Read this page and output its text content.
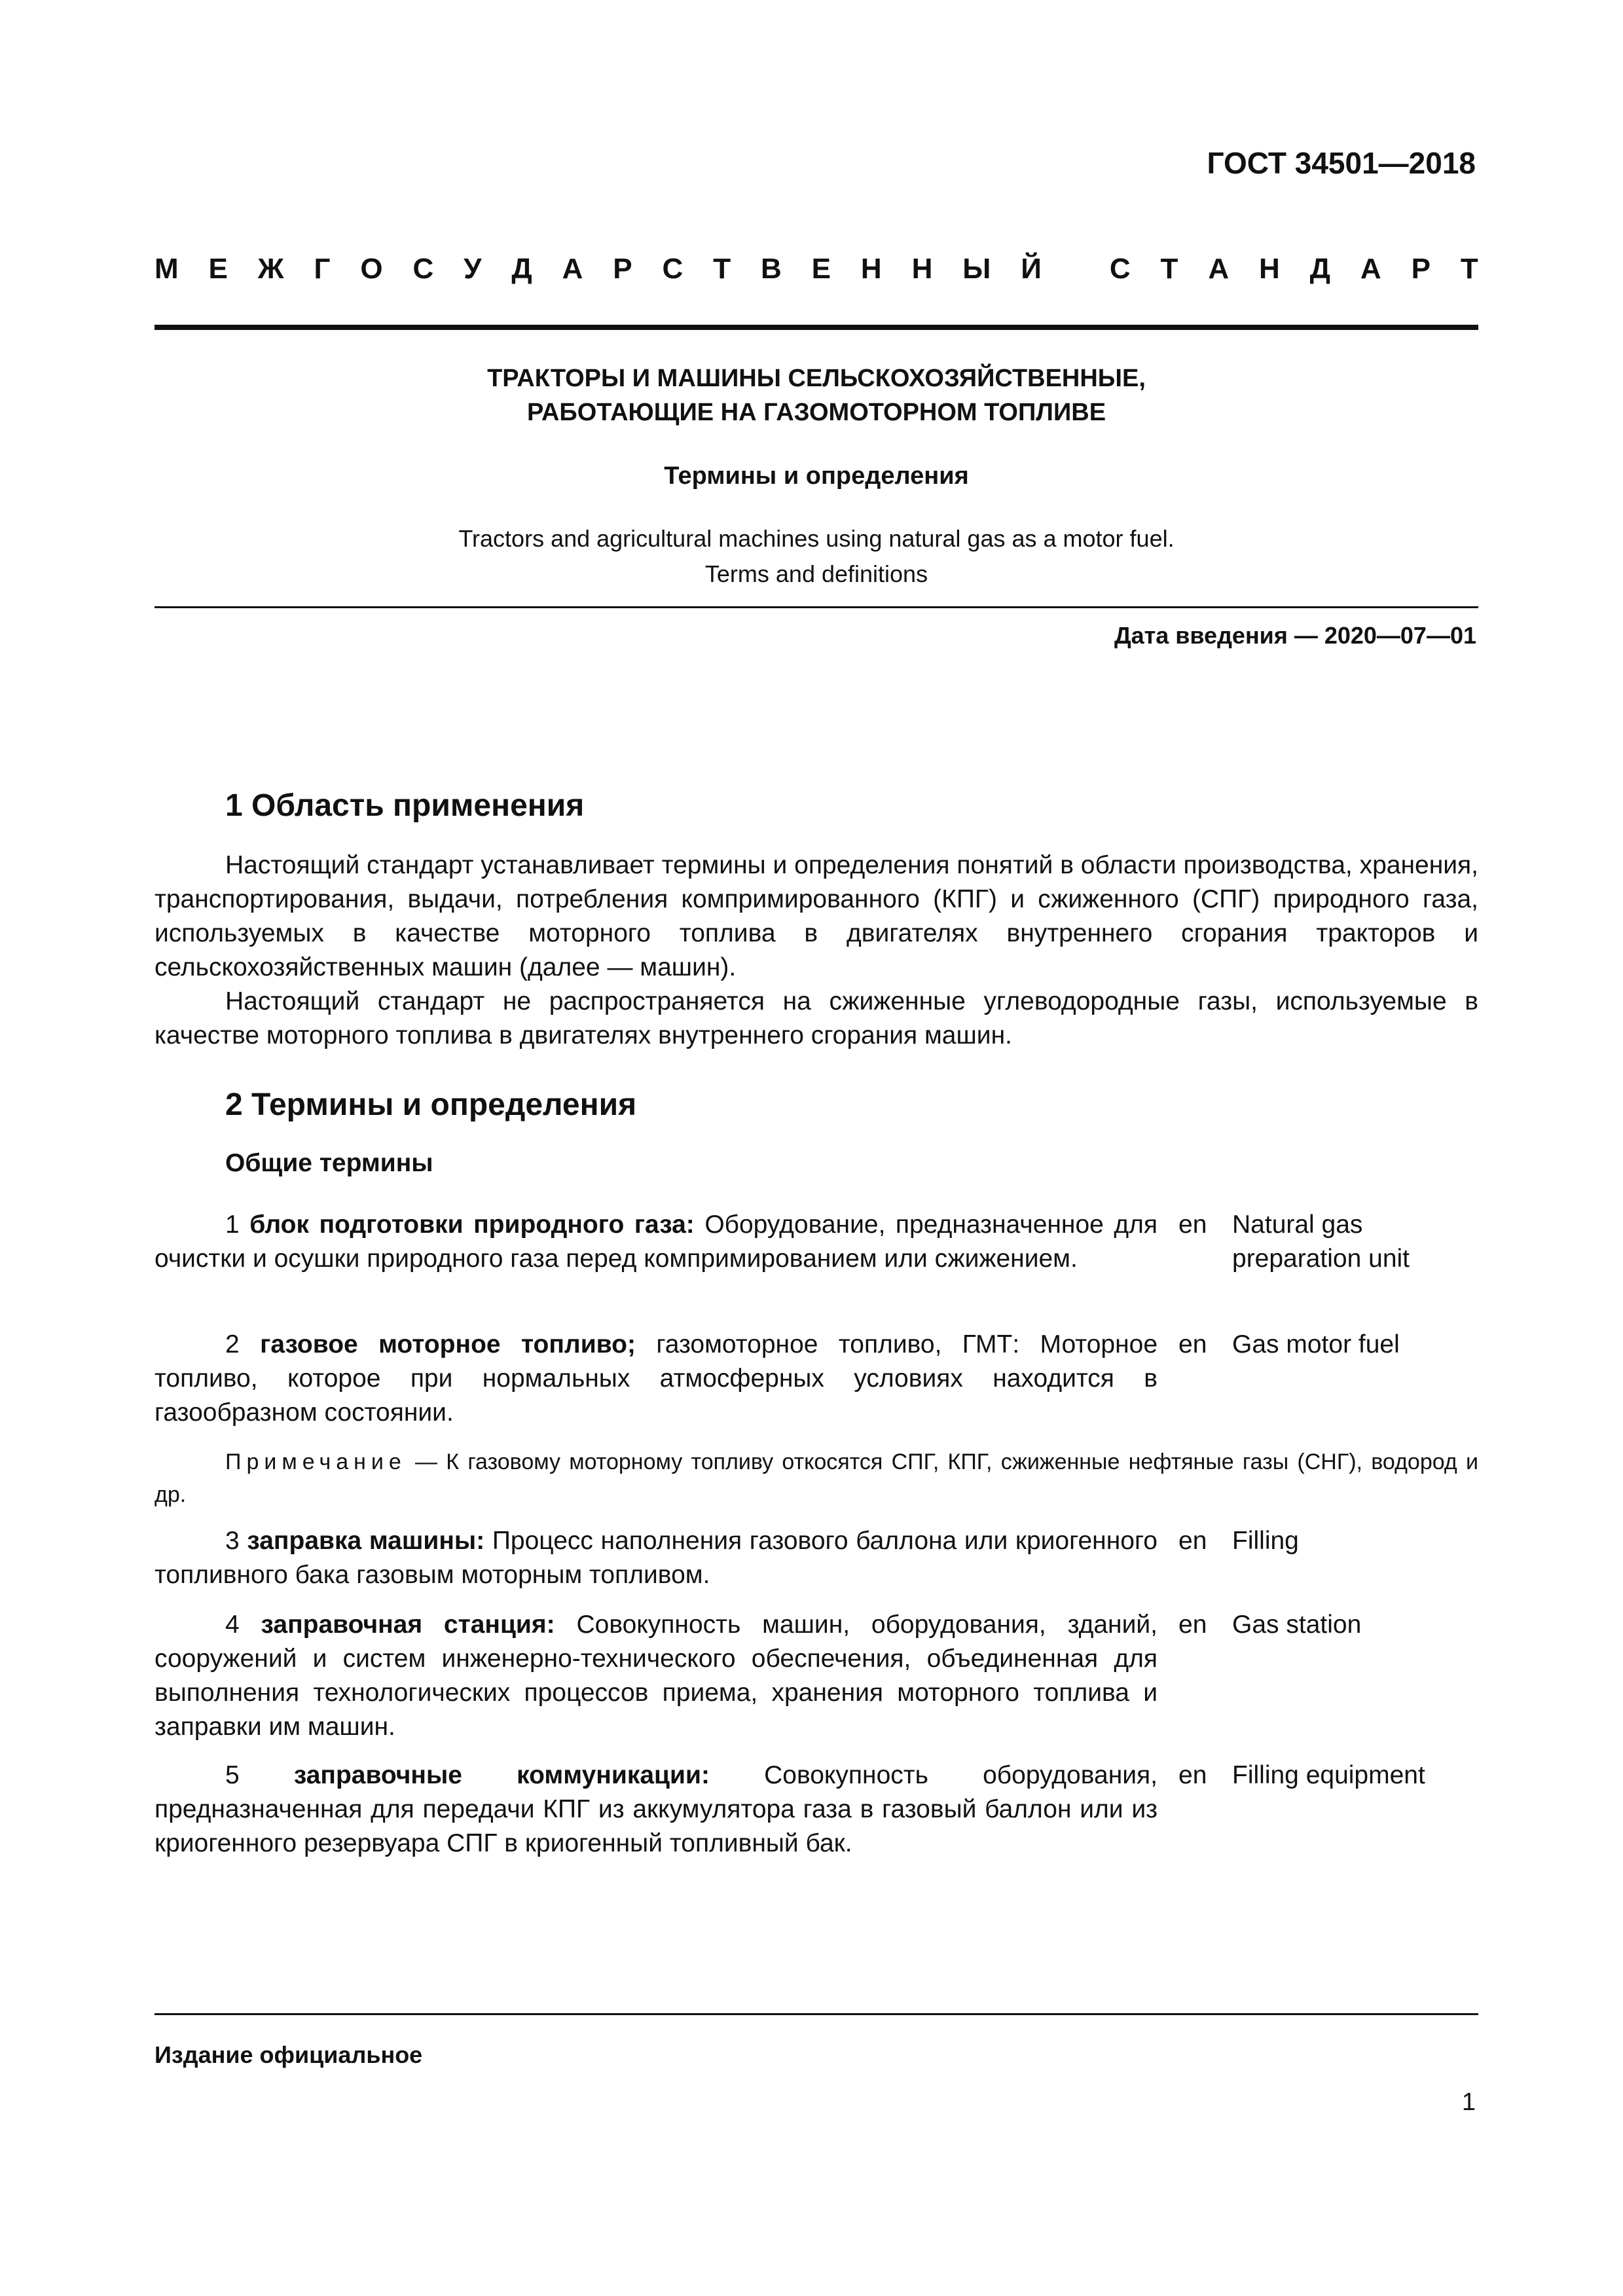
ГОСТ 34501—2018
М Е Ж Г О С У Д А Р С Т В Е Н Н Ы Й
С Т А Н Д А Р Т
ТРАКТОРЫ И МАШИНЫ СЕЛЬСКОХОЗЯЙСТВЕННЫЕ,
РАБОТАЮЩИЕ НА ГАЗОМОТОРНОМ ТОПЛИВЕ
Термины и определения
Tractors and agricultural machines using natural gas as a motor fuel.
Terms and definitions
Дата введения — 2020—07—01
1 Область применения

Настоящий стандарт устанавливает термины и определения понятий в области производства, хранения, транспортирования, выдачи, потребления компримированного (КПГ) и сжиженного (СПГ) природного газа, используемых в качестве моторного топлива в двигателях внутреннего сгорания тракторов и сельскохозяйственных машин (далее — машин).

Настоящий стандарт не распространяется на сжиженные углеводородные газы, используемые в качестве моторного топлива в двигателях внутреннего сгорания машин.

2 Термины и определения
Общие термины

1 блок подготовки природного газа: Оборудование, предназначенное для очистки и осушки природного газа перед компримированием или сжижением.

en Natural gas preparation unit

2 газовое моторное топливо; газомоторное топливо, ГМТ: Моторное топливо, которое при нормальных атмосферных условиях находится в газообразном состоянии.

en Gas motor fuel

Примечание — К газовому моторному топливу откосятся СПГ, КПГ, сжиженные нефтяные газы (СНГ), водород и др.

3 заправка машины: Процесс наполнения газового баллона или криогенного топливного бака газовым моторным топливом.

en Filling

4 заправочная станция: Совокупность машин, оборудования, зданий, сооружений и систем инженерно-технического обеспечения, объединенная для выполнения технологических процессов приема, хранения моторного топлива и заправки им машин.

en Gas station

5 заправочные коммуникации: Совокупность оборудования, предназначенная для передачи КПГ из аккумулятора газа в газовый баллон или из криогенного резервуара СПГ в криогенный топливный бак.

en Filling equipment
Издание официальное
1
